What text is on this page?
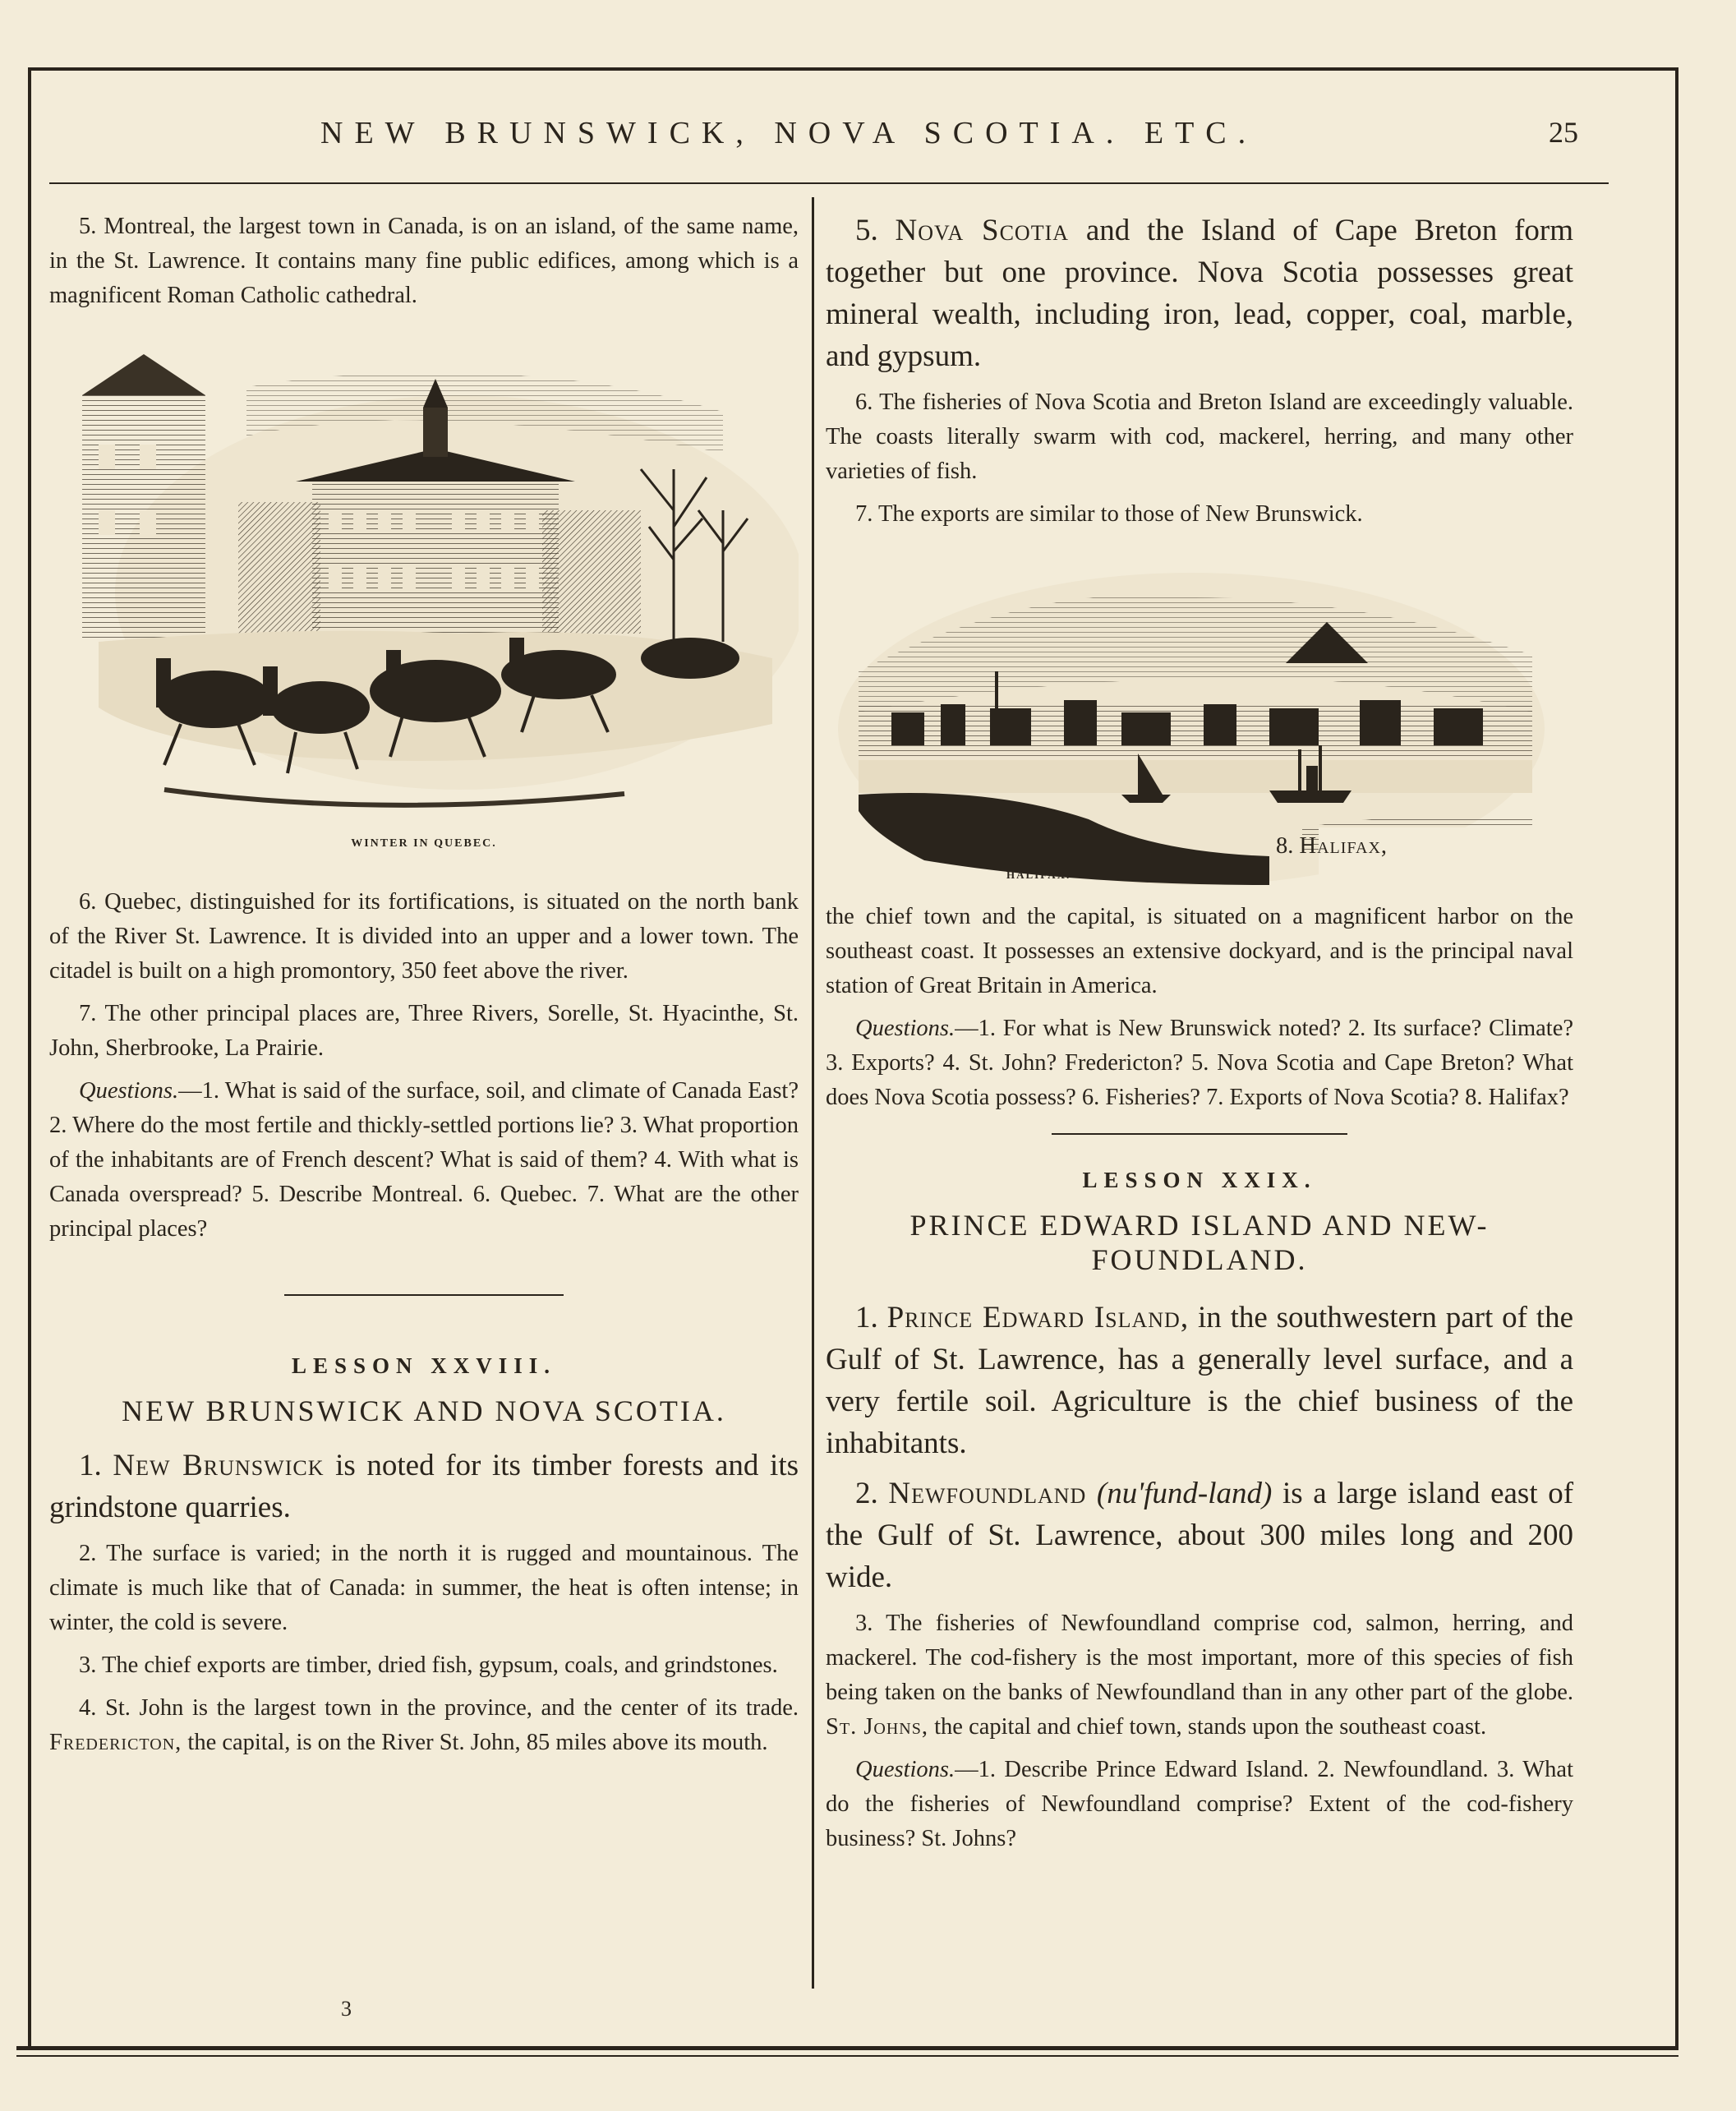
NEW BRUNSWICK, NOVA SCOTIA. ETC.	25

5. Montreal, the largest town in Canada, is on an island, of the same name, in the St. Lawrence. It contains many fine public edifices, among which is a magnificent Roman Catholic cathedral.

WINTER IN QUEBEC.

6. Quebec, distinguished for its fortifications, is situated on the north bank of the River St. Lawrence. It is divided into an upper and a lower town. The citadel is built on a high promontory, 350 feet above the river.

7. The other principal places are, Three Rivers, Sorelle, St. Hyacinthe, St. John, Sherbrooke, La Prairie.

Questions.—1. What is said of the surface, soil, and climate of Canada East? 2. Where do the most fertile and thickly-settled portions lie? 3. What proportion of the inhabitants are of French descent? What is said of them? 4. With what is Canada overspread? 5. Describe Montreal. 6. Quebec. 7. What are the other principal places?

LESSON XXVIII.
NEW BRUNSWICK AND NOVA SCOTIA.

1. New Brunswick is noted for its timber forests and its grindstone quarries.

2. The surface is varied; in the north it is rugged and mountainous. The climate is much like that of Canada: in summer, the heat is often intense; in winter, the cold is severe.

3. The chief exports are timber, dried fish, gypsum, coals, and grindstones.

4. St. John is the largest town in the province, and the center of its trade. Fredericton, the capital, is on the River St. John, 85 miles above its mouth.

5. Nova Scotia and the Island of Cape Breton form together but one province. Nova Scotia possesses great mineral wealth, including iron, lead, copper, coal, marble, and gypsum.

6. The fisheries of Nova Scotia and Breton Island are exceedingly valuable. The coasts literally swarm with cod, mackerel, herring, and many other varieties of fish.

7. The exports are similar to those of New Brunswick.

HALIFAX.
8. Halifax,

the chief town and the capital, is situated on a magnificent harbor on the southeast coast. It possesses an extensive dockyard, and is the principal naval station of Great Britain in America.

Questions.—1. For what is New Brunswick noted? 2. Its surface? Climate? 3. Exports? 4. St. John? Fredericton? 5. Nova Scotia and Cape Breton? What does Nova Scotia possess? 6. Fisheries? 7. Exports of Nova Scotia? 8. Halifax?

LESSON XXIX.
PRINCE EDWARD ISLAND AND NEW-FOUNDLAND.

1. Prince Edward Island, in the southwestern part of the Gulf of St. Lawrence, has a generally level surface, and a very fertile soil. Agriculture is the chief business of the inhabitants.

2. Newfoundland (nu'fund-land) is a large island east of the Gulf of St. Lawrence, about 300 miles long and 200 wide.

3. The fisheries of Newfoundland comprise cod, salmon, herring, and mackerel. The cod-fishery is the most important, more of this species of fish being taken on the banks of Newfoundland than in any other part of the globe. St. Johns, the capital and chief town, stands upon the southeast coast.

Questions.—1. Describe Prince Edward Island. 2. Newfoundland. 3. What do the fisheries of Newfoundland comprise? Extent of the cod-fishery business? St. Johns?

3
